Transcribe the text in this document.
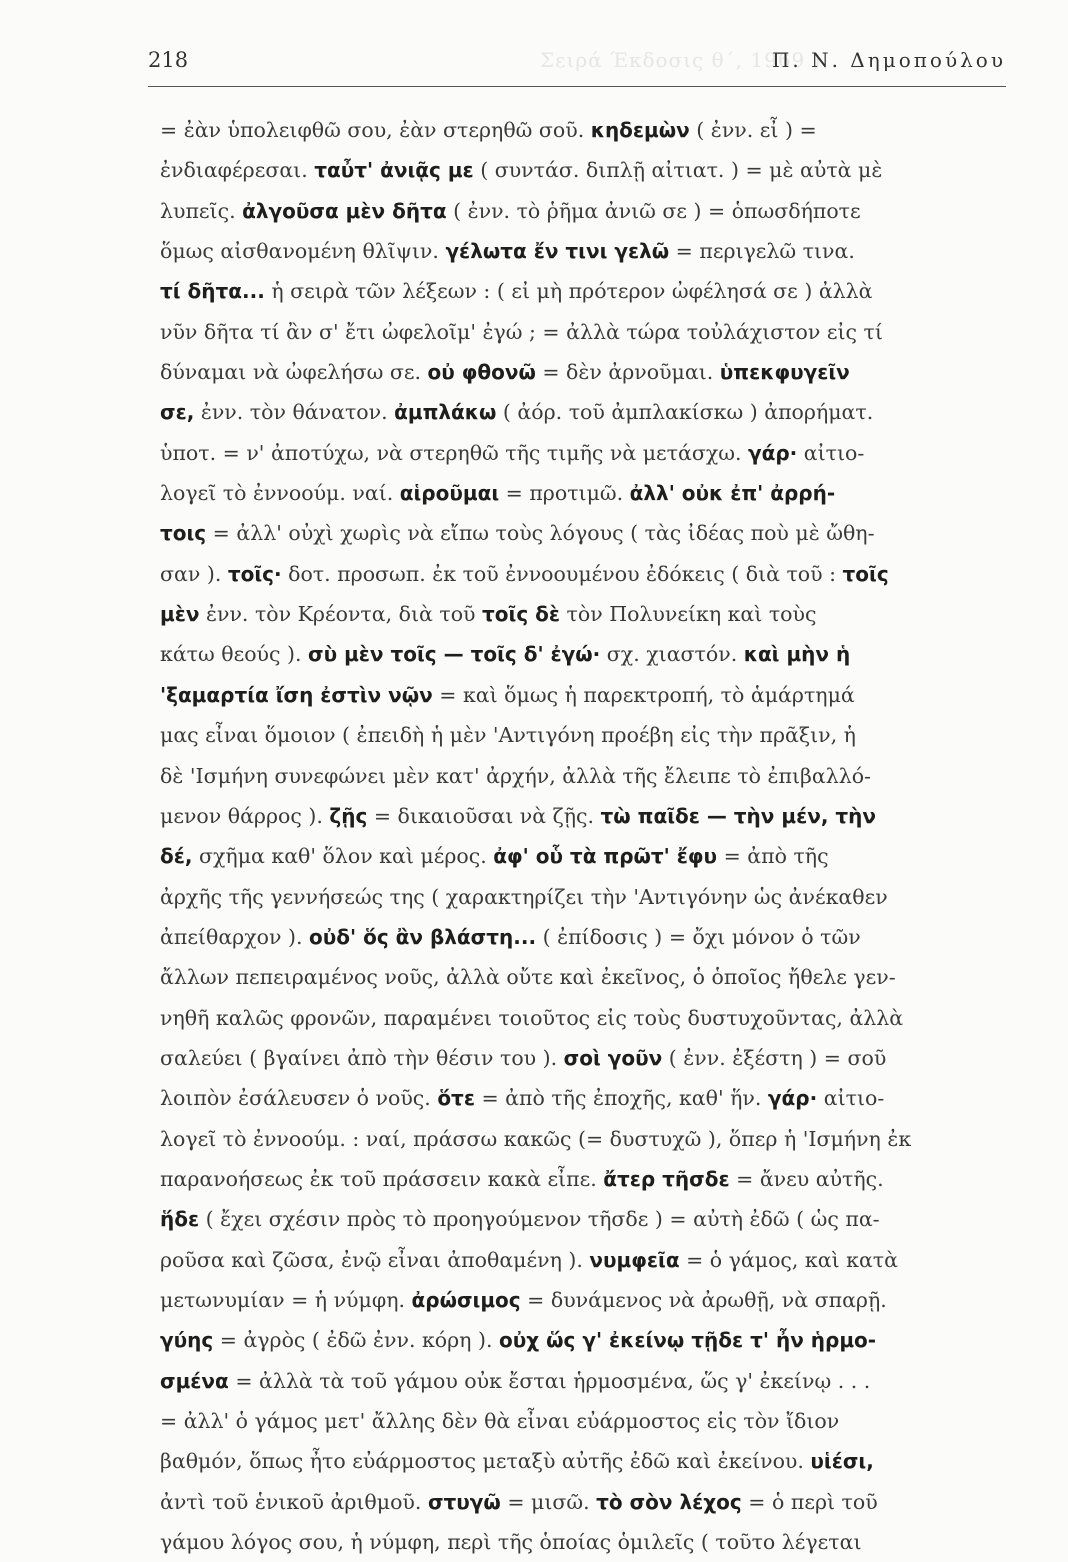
Σειρά Έκδοσις θ΄, 1969 )
218	Π. Ν. Δημοπούλου
= ἐὰν ὑπολειφθῶ σου, ἐὰν στερηθῶ σοῦ. κηδεμὼν ( ἐνν. εἶ ) =
ἐνδιαφέρεσαι. ταὖτ' ἀνιᾷς με ( συντάσ. διπλῇ αἰτιατ. ) = μὲ αὐτὰ μὲ
λυπεῖς. ἀλγοῦσα μὲν δῆτα ( ἐνν. τὸ ῥῆμα ἀνιῶ σε ) = ὁπωσδήποτε
ὅμως αἰσθανομένη θλῖψιν. γέλωτα ἔν τινι γελῶ = περιγελῶ τινα.
τί δῆτα... ἡ σειρὰ τῶν λέξεων : ( εἰ μὴ πρότερον ὠφέλησά σε ) ἀλλὰ
νῦν δῆτα τί ἂν σ' ἔτι ὠφελοῖμ' ἐγώ ; = ἀλλὰ τώρα τοὐλάχιστον εἰς τί
δύναμαι νὰ ὠφελήσω σε. οὐ φθονῶ = δὲν ἀρνοῦμαι. ὑπεκφυγεῖν
σε, ἐνν. τὸν θάνατον. ἀμπλάκω ( ἀόρ. τοῦ ἀμπλακίσκω ) ἀπορήματ.
ὑποτ. = ν' ἀποτύχω, νὰ στερηθῶ τῆς τιμῆς νὰ μετάσχω. γάρ· αἰτιο-
λογεῖ τὸ ἐννοούμ. ναί. αἱροῦμαι = προτιμῶ. ἀλλ' οὐκ ἐπ' ἀρρή-
τοις = ἀλλ' οὐχὶ χωρὶς νὰ εἴπω τοὺς λόγους ( τὰς ἰδέας ποὺ μὲ ὤθη-
σαν ). τοῖς· δοτ. προσωπ. ἐκ τοῦ ἐννοουμένου ἐδόκεις ( διὰ τοῦ : τοῖς
μὲν ἐνν. τὸν Κρέοντα, διὰ τοῦ τοῖς δὲ τὸν Πολυνείκη καὶ τοὺς
κάτω θεούς ). σὺ μὲν τοῖς — τοῖς δ' ἐγώ· σχ. χιαστόν. καὶ μὴν ἡ
'ξαμαρτία ἴση ἐστὶν νῷν = καὶ ὅμως ἡ παρεκτροπή, τὸ ἁμάρτημά
μας εἶναι ὅμοιον ( ἐπειδὴ ἡ μὲν 'Αντιγόνη προέβη εἰς τὴν πρᾶξιν, ἡ
δὲ 'Ισμήνη συνεφώνει μὲν κατ' ἀρχήν, ἀλλὰ τῆς ἔλειπε τὸ ἐπιβαλλό-
μενον θάρρος ). ζῇς = δικαιοῦσαι νὰ ζῇς. τὼ παῖδε — τὴν μέν, τὴν
δέ, σχῆμα καθ' ὅλον καὶ μέρος. ἀφ' οὗ τὰ πρῶτ' ἔφυ = ἀπὸ τῆς
ἀρχῆς τῆς γεννήσεώς της ( χαρακτηρίζει τὴν 'Αντιγόνην ὡς ἀνέκαθεν
ἀπείθαρχον ). οὐδ' ὅς ἂν βλάστη... ( ἐπίδοσις ) = ὄχι μόνον ὁ τῶν
ἄλλων πεπειραμένος νοῦς, ἀλλὰ οὔτε καὶ ἐκεῖνος, ὁ ὁποῖος ἤθελε γεν-
νηθῆ καλῶς φρονῶν, παραμένει τοιοῦτος εἰς τοὺς δυστυχοῦντας, ἀλλὰ
σαλεύει ( βγαίνει ἀπὸ τὴν θέσιν του ). σοὶ γοῦν ( ἐνν. ἐξέστη ) = σοῦ
λοιπὸν ἐσάλευσεν ὁ νοῦς. ὅτε = ἀπὸ τῆς ἐποχῆς, καθ' ἥν. γάρ· αἰτιο-
λογεῖ τὸ ἐννοούμ. : ναί, πράσσω κακῶς (= δυστυχῶ ), ὅπερ ἡ 'Ισμήνη ἐκ
παρανοήσεως ἐκ τοῦ πράσσειν κακὰ εἶπε. ἄτερ τῆσδε = ἄνευ αὐτῆς.
ἥδε ( ἔχει σχέσιν πρὸς τὸ προηγούμενον τῆσδε ) = αὐτὴ ἐδῶ ( ὡς πα-
ροῦσα καὶ ζῶσα, ἐνῷ εἶναι ἀποθαμένη ). νυμφεῖα = ὁ γάμος, καὶ κατὰ
μετωνυμίαν = ἡ νύμφη. ἀρώσιμος = δυνάμενος νὰ ἀρωθῇ, νὰ σπαρῇ.
γύης = ἀγρὸς ( ἐδῶ ἐνν. κόρη ). οὐχ ὥς γ' ἐκείνῳ τῇδε τ' ἦν ἡρμο-
σμένα = ἀλλὰ τὰ τοῦ γάμου οὐκ ἔσται ἡρμοσμένα, ὥς γ' ἐκείνῳ . . .
= ἀλλ' ὁ γάμος μετ' ἄλλης δὲν θὰ εἶναι εὐάρμοστος εἰς τὸν ἴδιον
βαθμόν, ὅπως ἦτο εὐάρμοστος μεταξὺ αὐτῆς ἐδῶ καὶ ἐκείνου. υἱέσι,
ἀντὶ τοῦ ἑνικοῦ ἀριθμοῦ. στυγῶ = μισῶ. τὸ σὸν λέχος = ὁ περὶ τοῦ
γάμου λόγος σου, ἡ νύμφη, περὶ τῆς ὁποίας ὁμιλεῖς ( τοῦτο λέγεται
